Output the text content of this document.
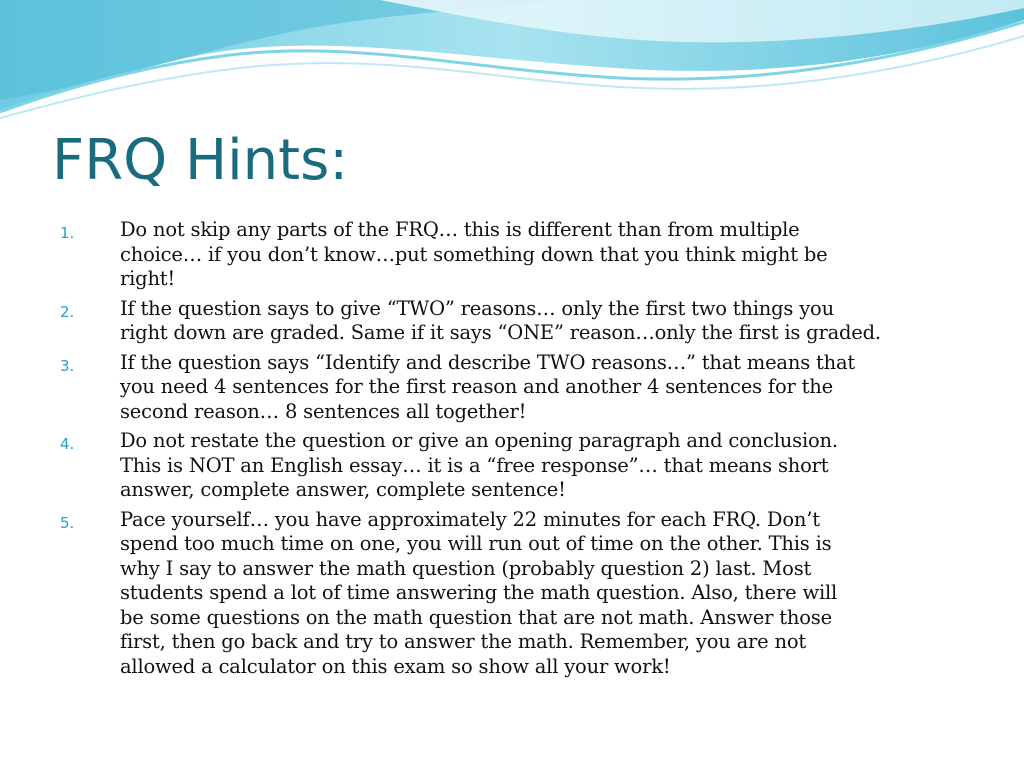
FRQ Hints:
1.	Do not skip any parts of the FRQ… this is different than from multiple
choice… if you don’t know…put something down that you think might be
right!
2.	If the question says to give “TWO” reasons… only the first two things you
right down are graded. Same if it says “ONE” reason…only the first is graded.
3.	If the question says “Identify and describe TWO reasons…” that means that
you need 4 sentences for the first reason and another 4 sentences for the
second reason… 8 sentences all together!
4.	Do not restate the question or give an opening paragraph and conclusion.
This is NOT an English essay… it is a “free response”… that means short
answer, complete answer, complete sentence!
5.	Pace yourself… you have approximately 22 minutes for each FRQ. Don’t
spend too much time on one, you will run out of time on the other. This is
why I say to answer the math question (probably question 2) last. Most
students spend a lot of time answering the math question. Also, there will
be some questions on the math question that are not math. Answer those
first, then go back and try to answer the math. Remember, you are not
allowed a calculator on this exam so show all your work!
